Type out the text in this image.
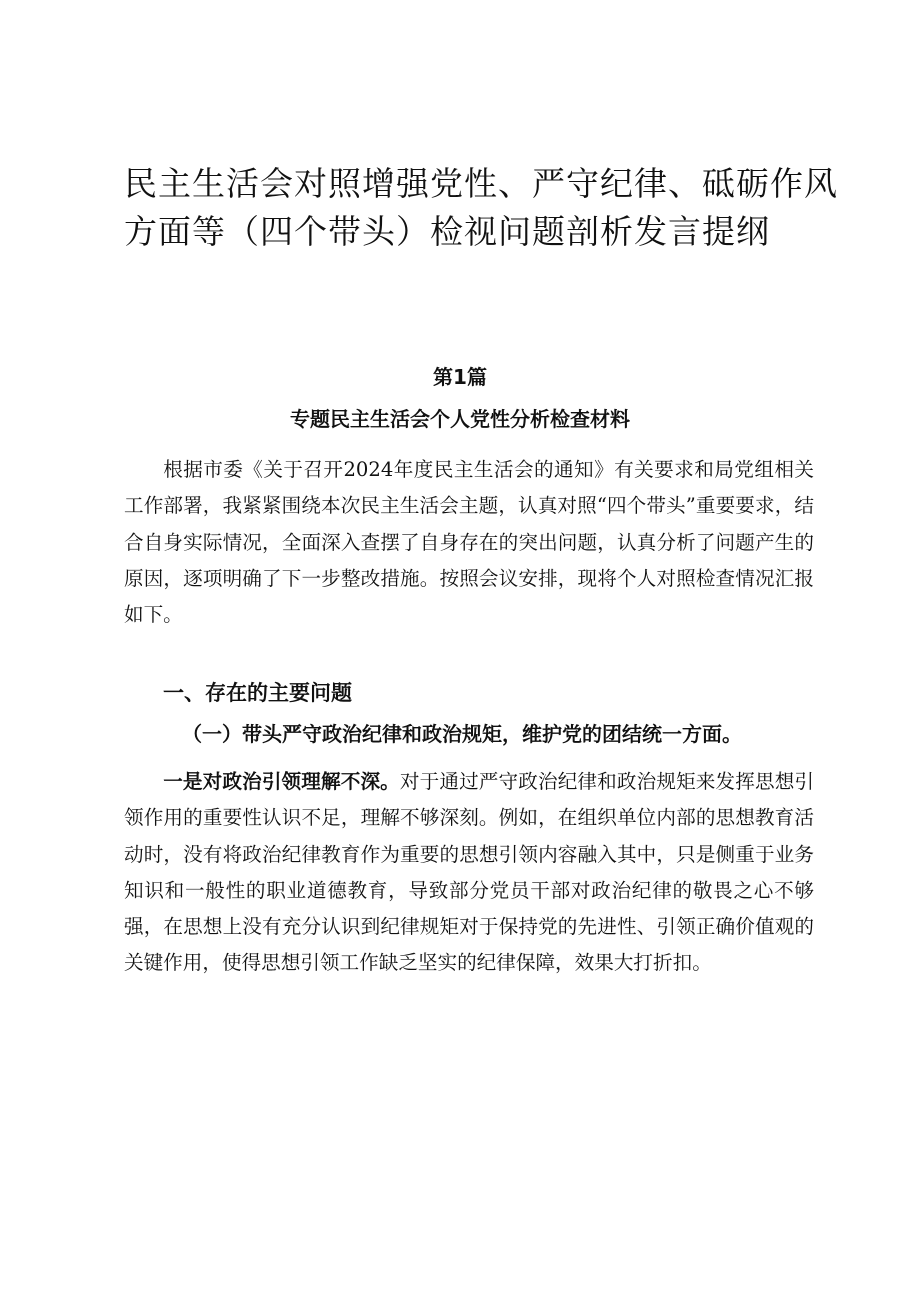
民主生活会对照增强党性、严守纪律、砥砺作风
方面等（四个带头）检视问题剖析发言提纲
第1篇
专题民主生活会个人党性分析检查材料

根据市委《关于召开2024年度民主生活会的通知》有关要求和局党组相关工作部署，我紧紧围绕本次民主生活会主题，认真对照“四个带头”重要要求，结合自身实际情况，全面深入查摆了自身存在的突出问题，认真分析了问题产生的原因，逐项明确了下一步整改措施。按照会议安排，现将个人对照检查情况汇报如下。

一、存在的主要问题
（一）带头严守政治纪律和政治规矩，维护党的团结统一方面。

一是对政治引领理解不深。对于通过严守政治纪律和政治规矩来发挥思想引领作用的重要性认识不足，理解不够深刻。例如，在组织单位内部的思想教育活动时，没有将政治纪律教育作为重要的思想引领内容融入其中，只是侧重于业务知识和一般性的职业道德教育，导致部分党员干部对政治纪律的敬畏之心不够强，在思想上没有充分认识到纪律规矩对于保持党的先进性、引领正确价值观的关键作用，使得思想引领工作缺乏坚实的纪律保障，效果大打折扣。
